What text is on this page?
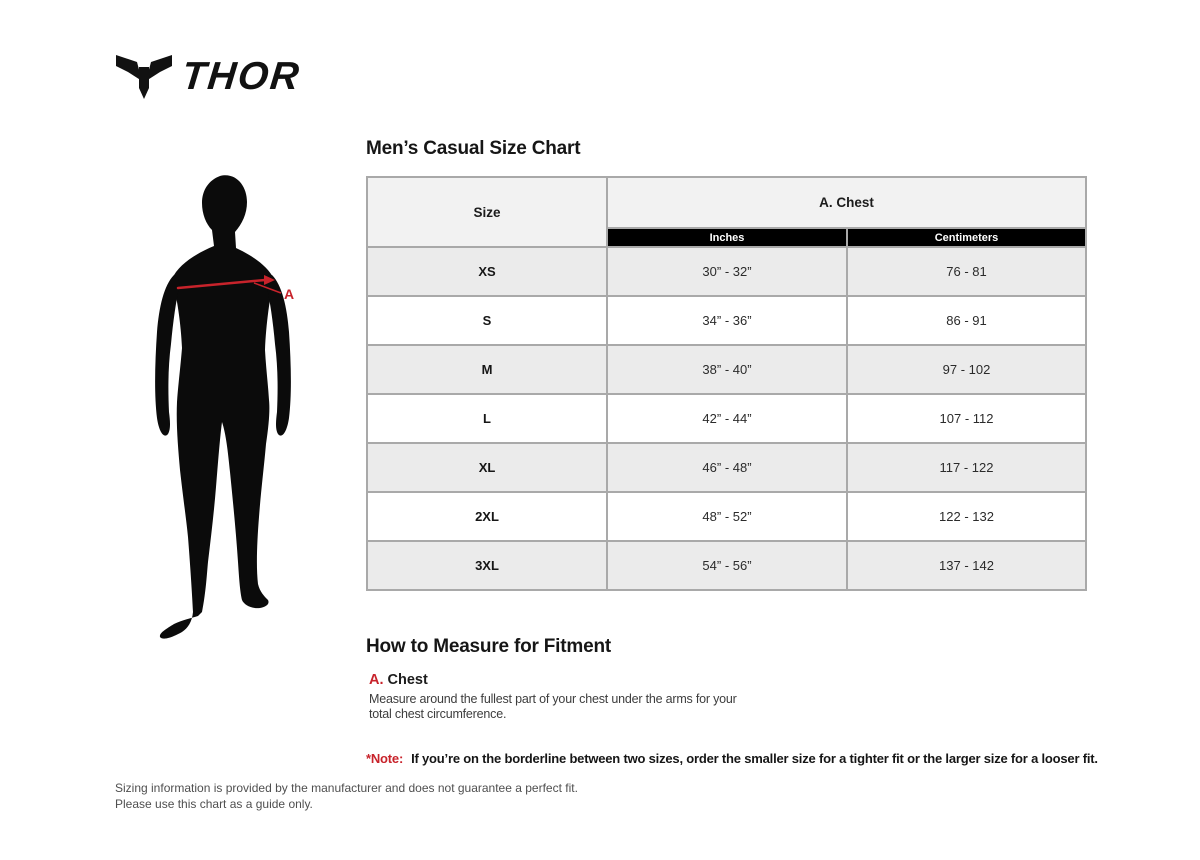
THOR
A
Men’s Casual Size Chart
Size	A. Chest	
	Inches	Centimeters
XS	30” - 32”	76 - 81
S	34” - 36”	86 - 91
M	38” - 40”	97 - 102
L	42” - 44”	107 - 112
XL	46” - 48”	117 - 122
2XL	48” - 52”	122 - 132
3XL	54” - 56”	137 - 142
How to Measure for Fitment
A. Chest

Measure around the fullest part of your chest under the arms for your total chest circumference.

*Note: If you’re on the borderline between two sizes, order the smaller size for a tighter fit or the larger size for a looser fit.
Sizing information is provided by the manufacturer and does not guarantee a perfect fit.
Please use this chart as a guide only.
